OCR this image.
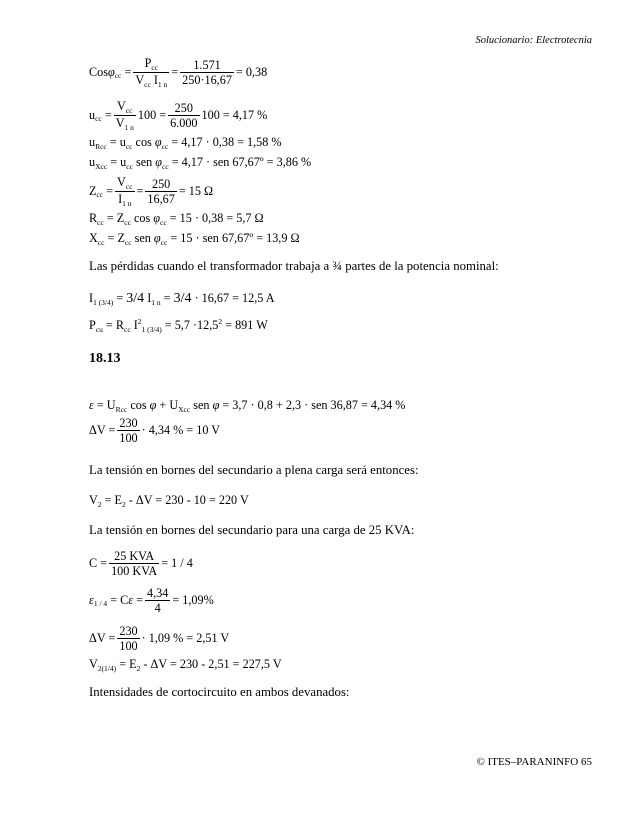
Solucionario: Electrotecnia
Cos φ cc
= $\frac{P_{cc}}{V_{cc} I_{1 n}} = \frac{1.571}{250\cdot 16,67} = 0,38$
u cc = $\frac{V_{cc}}{V_{1 n}} 100 = \frac{250}{6.000} 100 = 4,17$ %
$u_{Rcc} = u_{cc}$ $\cos \varphi_{cc} = 4,17 \cdot 0,38 = 1,58$ %
$u_{Xcc} = u_{cc}$ sen $\varphi_{cc} = 4,17$ · sen 67,67º = 3,86 %
Z cc = $\frac{V_{cc}}{I_{1 n}} = \frac{250}{16,67} = 15$ Ω
$R_{cc} = Z_{cc}$ $\cos \varphi_{cc} = 15 \cdot 0,38 = 5,7$ Ω
$X_{cc} = Z_{cc}$ sen $\varphi_{cc} = 15$ · sen 67,67º = 13,9 Ω
Las pérdidas cuando el transformador trabaja a ¾ partes de la potencia nominal:
$I_{1 (3/4)} = 3/4$ $I_{1 n} = 3/4 \cdot 16,67 = 12,5$ A
$P_{cu} = R_{cc}$ $I^2_{1 (3/4)} = 5,7 \cdot 12,5^2 = 891$ W
18.13
$\varepsilon = U_{Rcc}$ $\cos \varphi + U_{Xcc}$ sen φ = 3,7 · 0,8 + 2,3 · sen 36,87 = 4,34 %
$\Delta V = \frac{230}{100} \cdot 4,34$ % = 10 V
La tensión en bornes del secundario a plena carga será entonces:
$V_2 = E_2 - \Delta V = 230 - 10 = 220$ V
La tensión en bornes del secundario para una carga de 25 KVA:
$C = \frac{\text{25 KVA}}{\text{100 KVA}} = 1 / 4$
ε 1 / 4
= C ε
= $\frac{4,34}{4} = 1,09\%$
$\Delta V = \frac{230}{100} \cdot 1,09$ % = 2,51 V
$V_{2(1/4)} = E_2 - \Delta V = 230 - 2,51 = 227,5$ V
Intensidades de cortocircuito en ambos devanados:
© ITES–PARANINFO 65
